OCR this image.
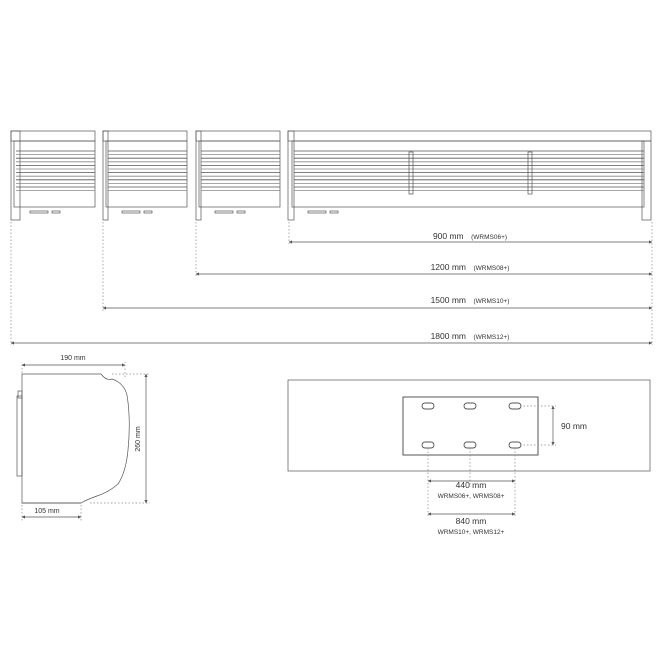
900 mm (WRMS06+)
1200 mm (WRMS08+)
1500 mm (WRMS10+)
1800 mm (WRMS12+)
190 mm
260 mm
105 mm
90 mm
440 mm
WRMS06+, WRMS08+
840 mm
WRMS10+, WRMS12+
